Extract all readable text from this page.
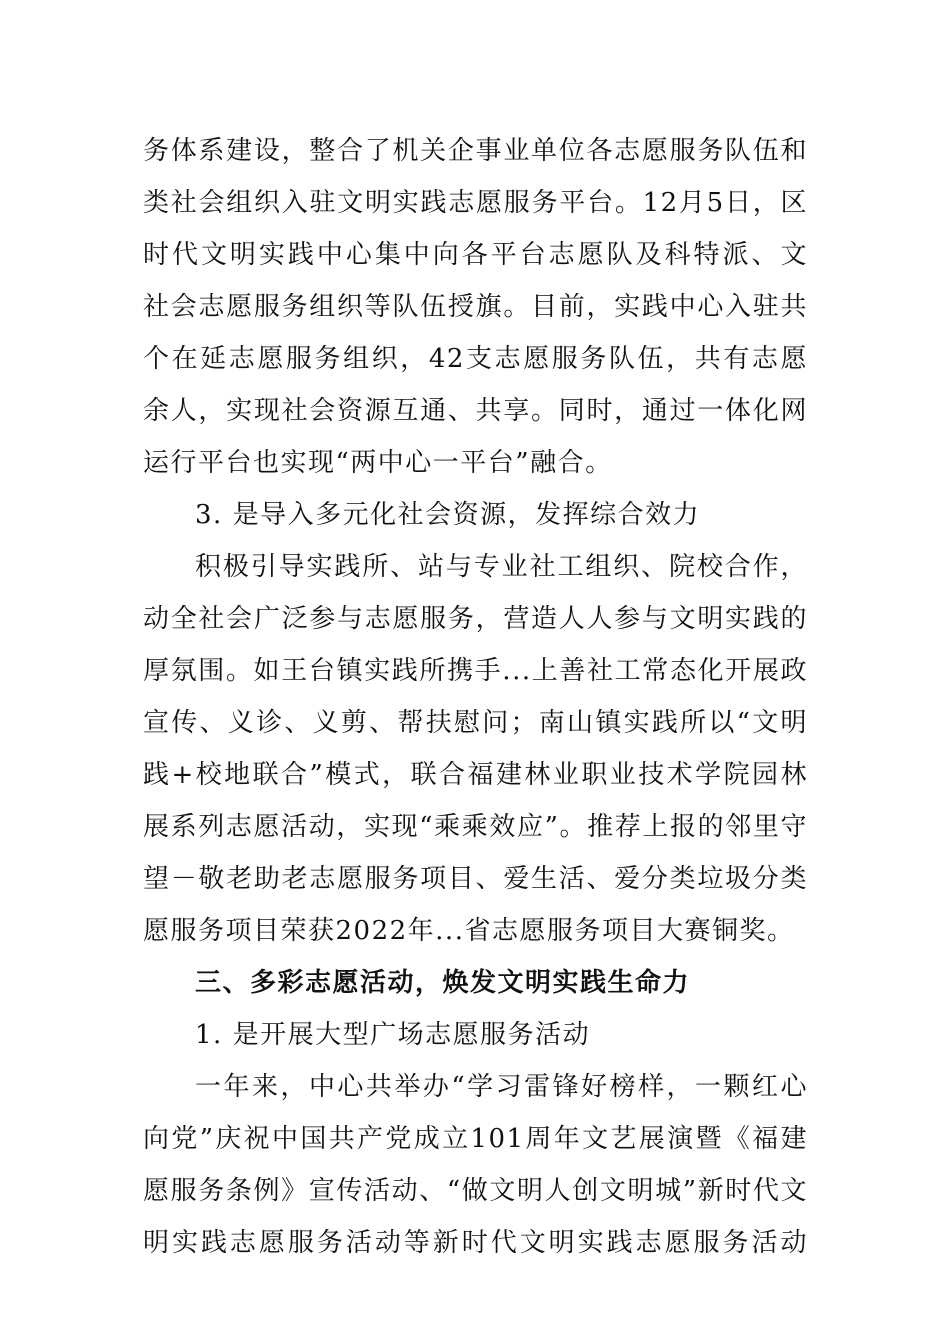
务体系建设，整合了机关企事业单位各志愿服务队伍和
类社会组织入驻文明实践志愿服务平台。12月5日，区
时代文明实践中心集中向各平台志愿队及科特派、文
社会志愿服务组织等队伍授旗。目前，实践中心入驻共
个在延志愿服务组织，42支志愿服务队伍，共有志愿
余人，实现社会资源互通、共享。同时，通过一体化网
运行平台也实现“两中心一平台”融合。
3. 是导入多元化社会资源，发挥综合效力
积极引导实践所、站与专业社工组织、院校合作，
动全社会广泛参与志愿服务，营造人人参与文明实践的
厚氛围。如王台镇实践所携手...上善社工常态化开展政
宣传、义诊、义剪、帮扶慰问；南山镇实践所以“文明
践+校地联合”模式，联合福建林业职业技术学院园林
展系列志愿活动，实现“乘乘效应”。推荐上报的邻里守
望－敬老助老志愿服务项目、爱生活、爱分类垃圾分类
愿服务项目荣获2022年...省志愿服务项目大赛铜奖。
三、多彩志愿活动，焕发文明实践生命力
1. 是开展大型广场志愿服务活动
一年来，中心共举办“学习雷锋好榜样，一颗红心
向党”庆祝中国共产党成立101周年文艺展演暨《福建
愿服务条例》宣传活动、“做文明人创文明城”新时代文
明实践志愿服务活动等新时代文明实践志愿服务活动
